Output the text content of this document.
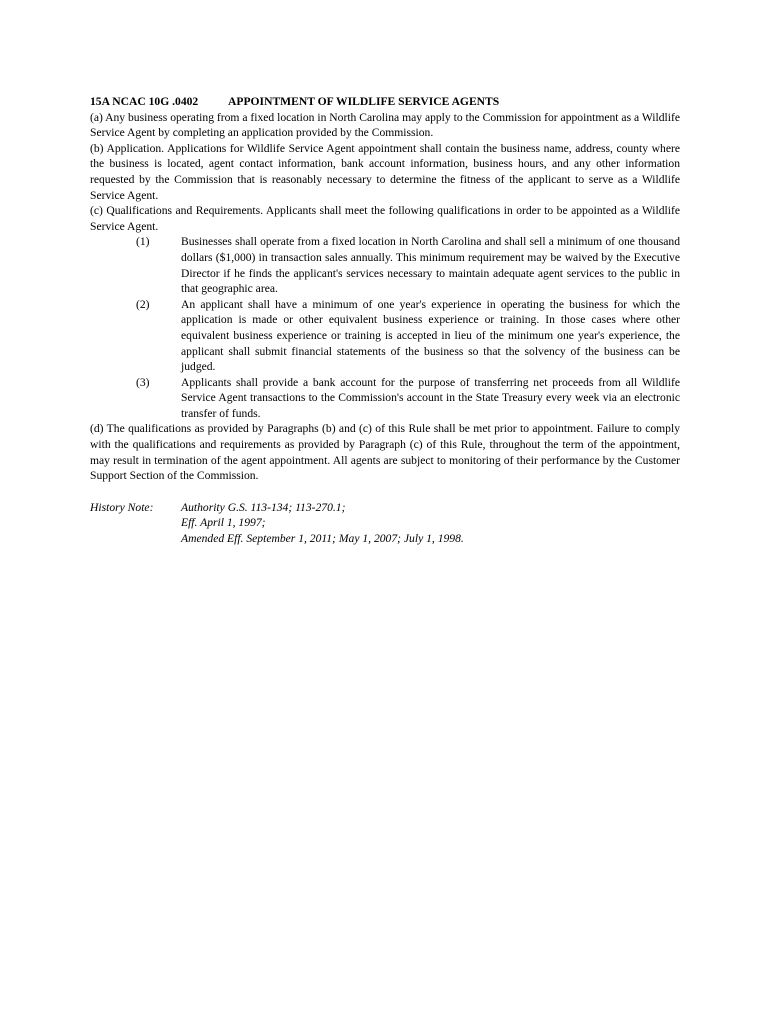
15A NCAC 10G .0402	APPOINTMENT OF WILDLIFE SERVICE AGENTS
(a) Any business operating from a fixed location in North Carolina may apply to the Commission for appointment as a Wildlife Service Agent by completing an application provided by the Commission.
(b) Application. Applications for Wildlife Service Agent appointment shall contain the business name, address, county where the business is located, agent contact information, bank account information, business hours, and any other information requested by the Commission that is reasonably necessary to determine the fitness of the applicant to serve as a Wildlife Service Agent.
(c) Qualifications and Requirements. Applicants shall meet the following qualifications in order to be appointed as a Wildlife Service Agent.
(1)	Businesses shall operate from a fixed location in North Carolina and shall sell a minimum of one thousand dollars ($1,000) in transaction sales annually. This minimum requirement may be waived by the Executive Director if he finds the applicant's services necessary to maintain adequate agent services to the public in that geographic area.
(2)	An applicant shall have a minimum of one year's experience in operating the business for which the application is made or other equivalent business experience or training. In those cases where other equivalent business experience or training is accepted in lieu of the minimum one year's experience, the applicant shall submit financial statements of the business so that the solvency of the business can be judged.
(3)	Applicants shall provide a bank account for the purpose of transferring net proceeds from all Wildlife Service Agent transactions to the Commission's account in the State Treasury every week via an electronic transfer of funds.
(d) The qualifications as provided by Paragraphs (b) and (c) of this Rule shall be met prior to appointment. Failure to comply with the qualifications and requirements as provided by Paragraph (c) of this Rule, throughout the term of the appointment, may result in termination of the agent appointment. All agents are subject to monitoring of their performance by the Customer Support Section of the Commission.
History Note:	Authority G.S. 113-134; 113-270.1;
Eff. April 1, 1997;
Amended Eff. September 1, 2011; May 1, 2007; July 1, 1998.
